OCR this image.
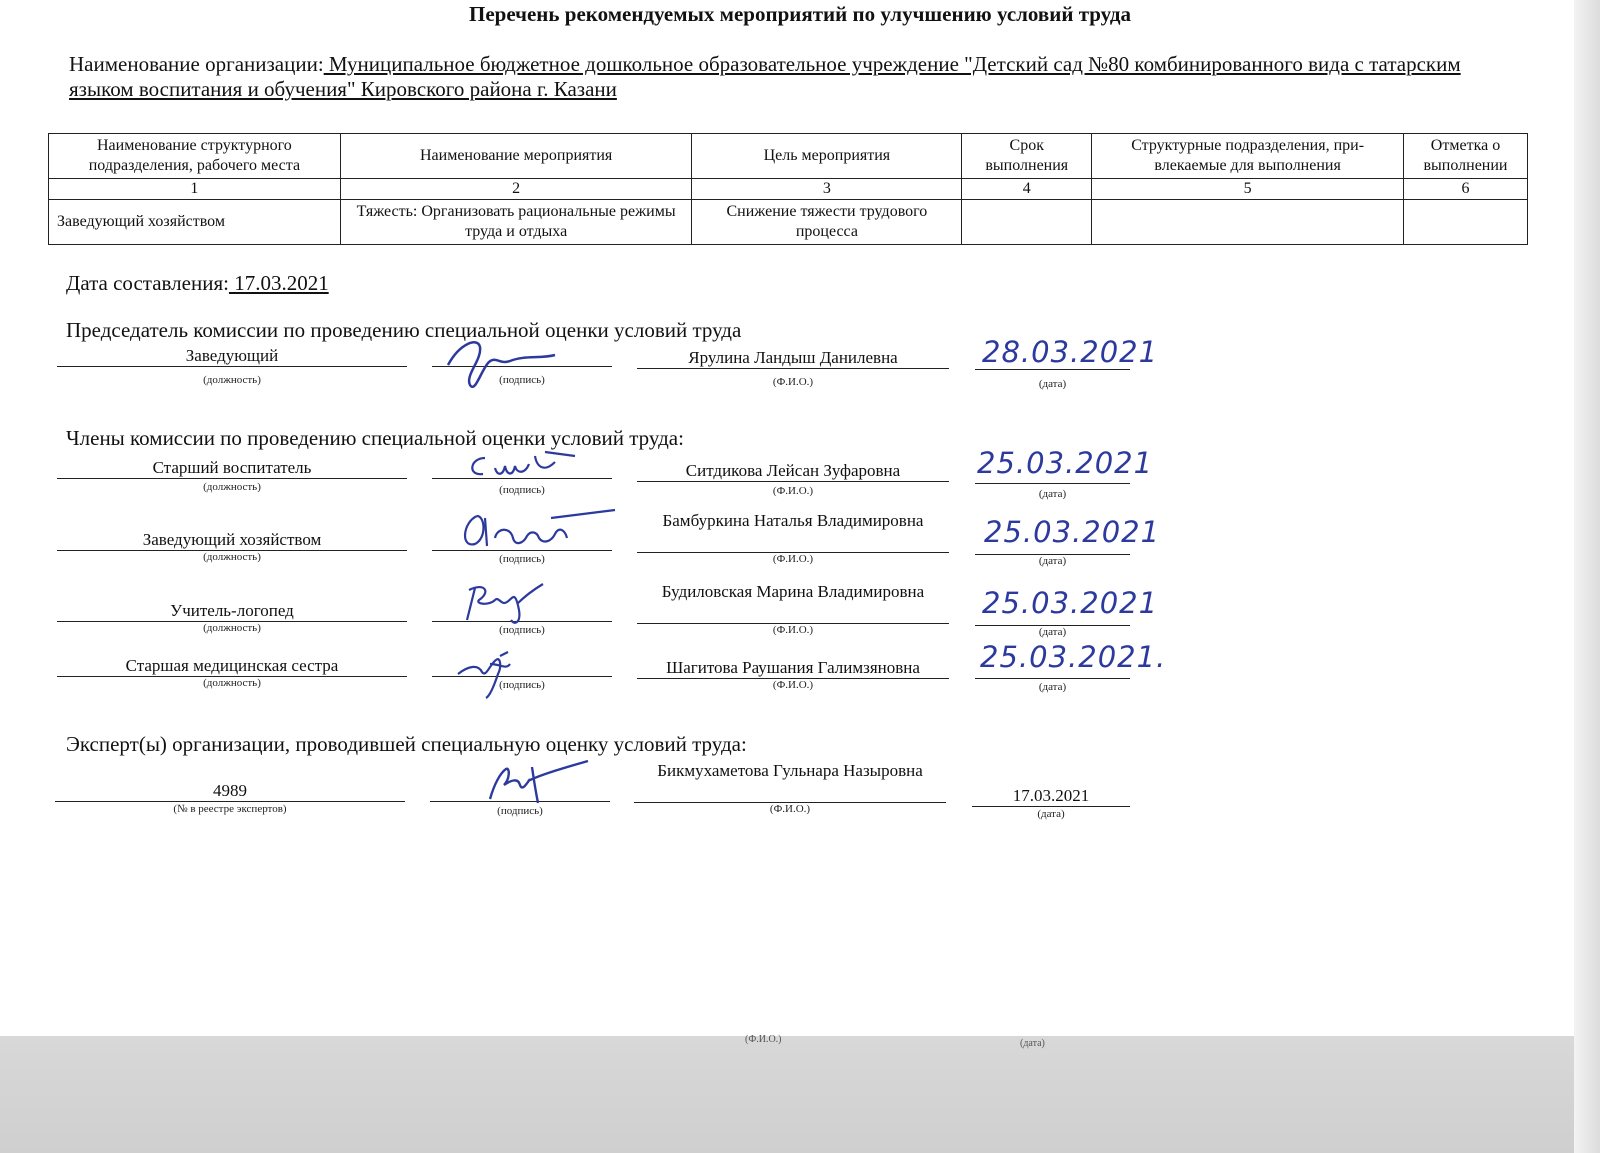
(Ф.И.О.)	(дата)
Перечень рекомендуемых мероприятий по улучшению условий труда
Наименование организации: Муниципальное бюджетное дошкольное образовательное учреждение "Детский сад №80 комбинированного вида с татарским языком воспитания и обучения" Кировского района г. Казани
Наименование структурного подразделения, рабочего места	Наименование мероприятия	Цель мероприятия	Срок выполнения	Структурные подразделения, при-влекаемые для выполнения	Отметка о выполнении
1	2	3	4	5	6
Заведующий хозяйством	Тяжесть: Организовать рациональные режимы труда и отдыха	Снижение тяжести трудового процесса			
Дата составления: 17.03.2021
Председатель комиссии по проведению специальной оценки условий труда
Заведующий
(должность)	(подпись)
Ярулина Ландыш Данилевна
(Ф.И.О.)	(дата)
28.03.2021
Члены комиссии по проведению специальной оценки условий труда:
Старший воспитатель
(должность)	(подпись)
Ситдикова Лейсан Зуфаровна
(Ф.И.О.)	(дата)
25.03.2021
Заведующий хозяйством
(должность)	(подпись)
Бамбуркина Наталья Владимировна
(Ф.И.О.)	(дата)
25.03.2021
Учитель-логопед
(должность)	(подпись)
Будиловская Марина Владимировна
(Ф.И.О.)	(дата)
25.03.2021
Старшая медицинская сестра
(должность)	(подпись)
Шагитова Раушания Галимзяновна
(Ф.И.О.)	(дата)
25.03.2021.
Эксперт(ы) организации, проводившей специальную оценку условий труда:
4989
(№ в реестре экспертов)	(подпись)
Бикмухаметова Гульнара Назыровна
(Ф.И.О.)
17.03.2021
(дата)
